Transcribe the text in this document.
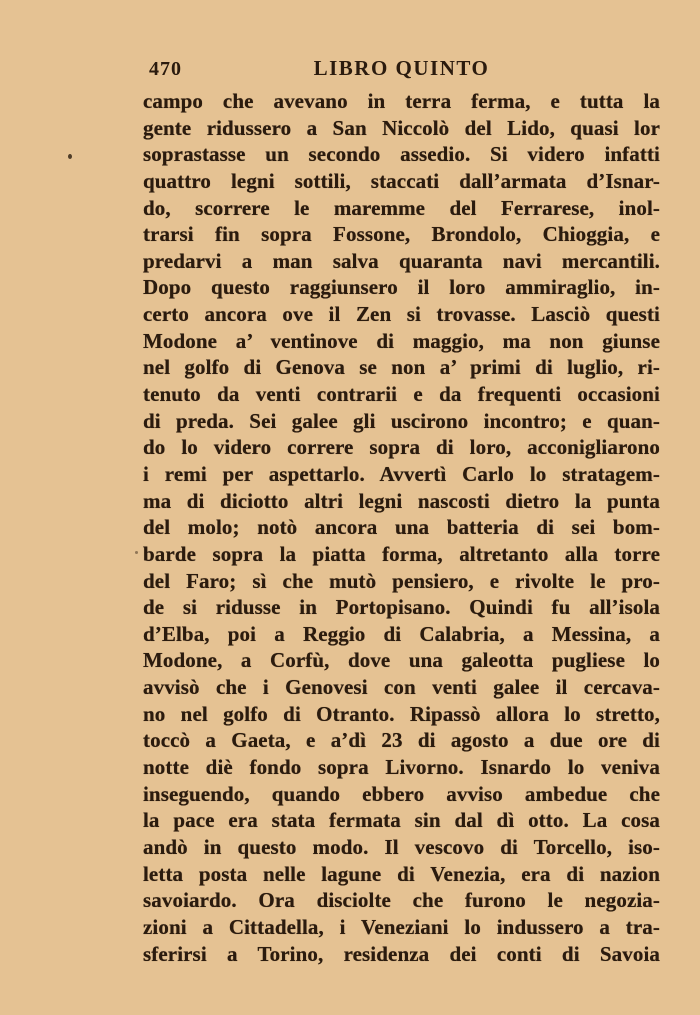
470	LIBRO QUINTO
campo che avevano in terra ferma, e tutta la
gente ridussero a San Niccolò del Lido, quasi lor
soprastasse un secondo assedio. Si videro infatti
quattro legni sottili, staccati dall’armata d’Isnar-
do, scorrere le maremme del Ferrarese, inol-
trarsi fin sopra Fossone, Brondolo, Chioggia, e
predarvi a man salva quaranta navi mercantili.
Dopo questo raggiunsero il loro ammiraglio, in-
certo ancora ove il Zen si trovasse. Lasciò questi
Modone a’ ventinove di maggio, ma non giunse
nel golfo di Genova se non a’ primi di luglio, ri-
tenuto da venti contrarii e da frequenti occasioni
di preda. Sei galee gli uscirono incontro; e quan-
do lo videro correre sopra di loro, acconigliarono
i remi per aspettarlo. Avvertì Carlo lo stratagem-
ma di diciotto altri legni nascosti dietro la punta
del molo; notò ancora una batteria di sei bom-
barde sopra la piatta forma, altretanto alla torre
del Faro; sì che mutò pensiero, e rivolte le pro-
de si ridusse in Portopisano. Quindi fu all’isola
d’Elba, poi a Reggio di Calabria, a Messina, a
Modone, a Corfù, dove una galeotta pugliese lo
avvisò che i Genovesi con venti galee il cercava-
no nel golfo di Otranto. Ripassò allora lo stretto,
toccò a Gaeta, e a’dì 23 di agosto a due ore di
notte diè fondo sopra Livorno. Isnardo lo veniva
inseguendo, quando ebbero avviso ambedue che
la pace era stata fermata sin dal dì otto. La cosa
andò in questo modo. Il vescovo di Torcello, iso-
letta posta nelle lagune di Venezia, era di nazion
savoiardo. Ora disciolte che furono le negozia-
zioni a Cittadella, i Veneziani lo indussero a tra-
sferirsi a Torino, residenza dei conti di Savoia
